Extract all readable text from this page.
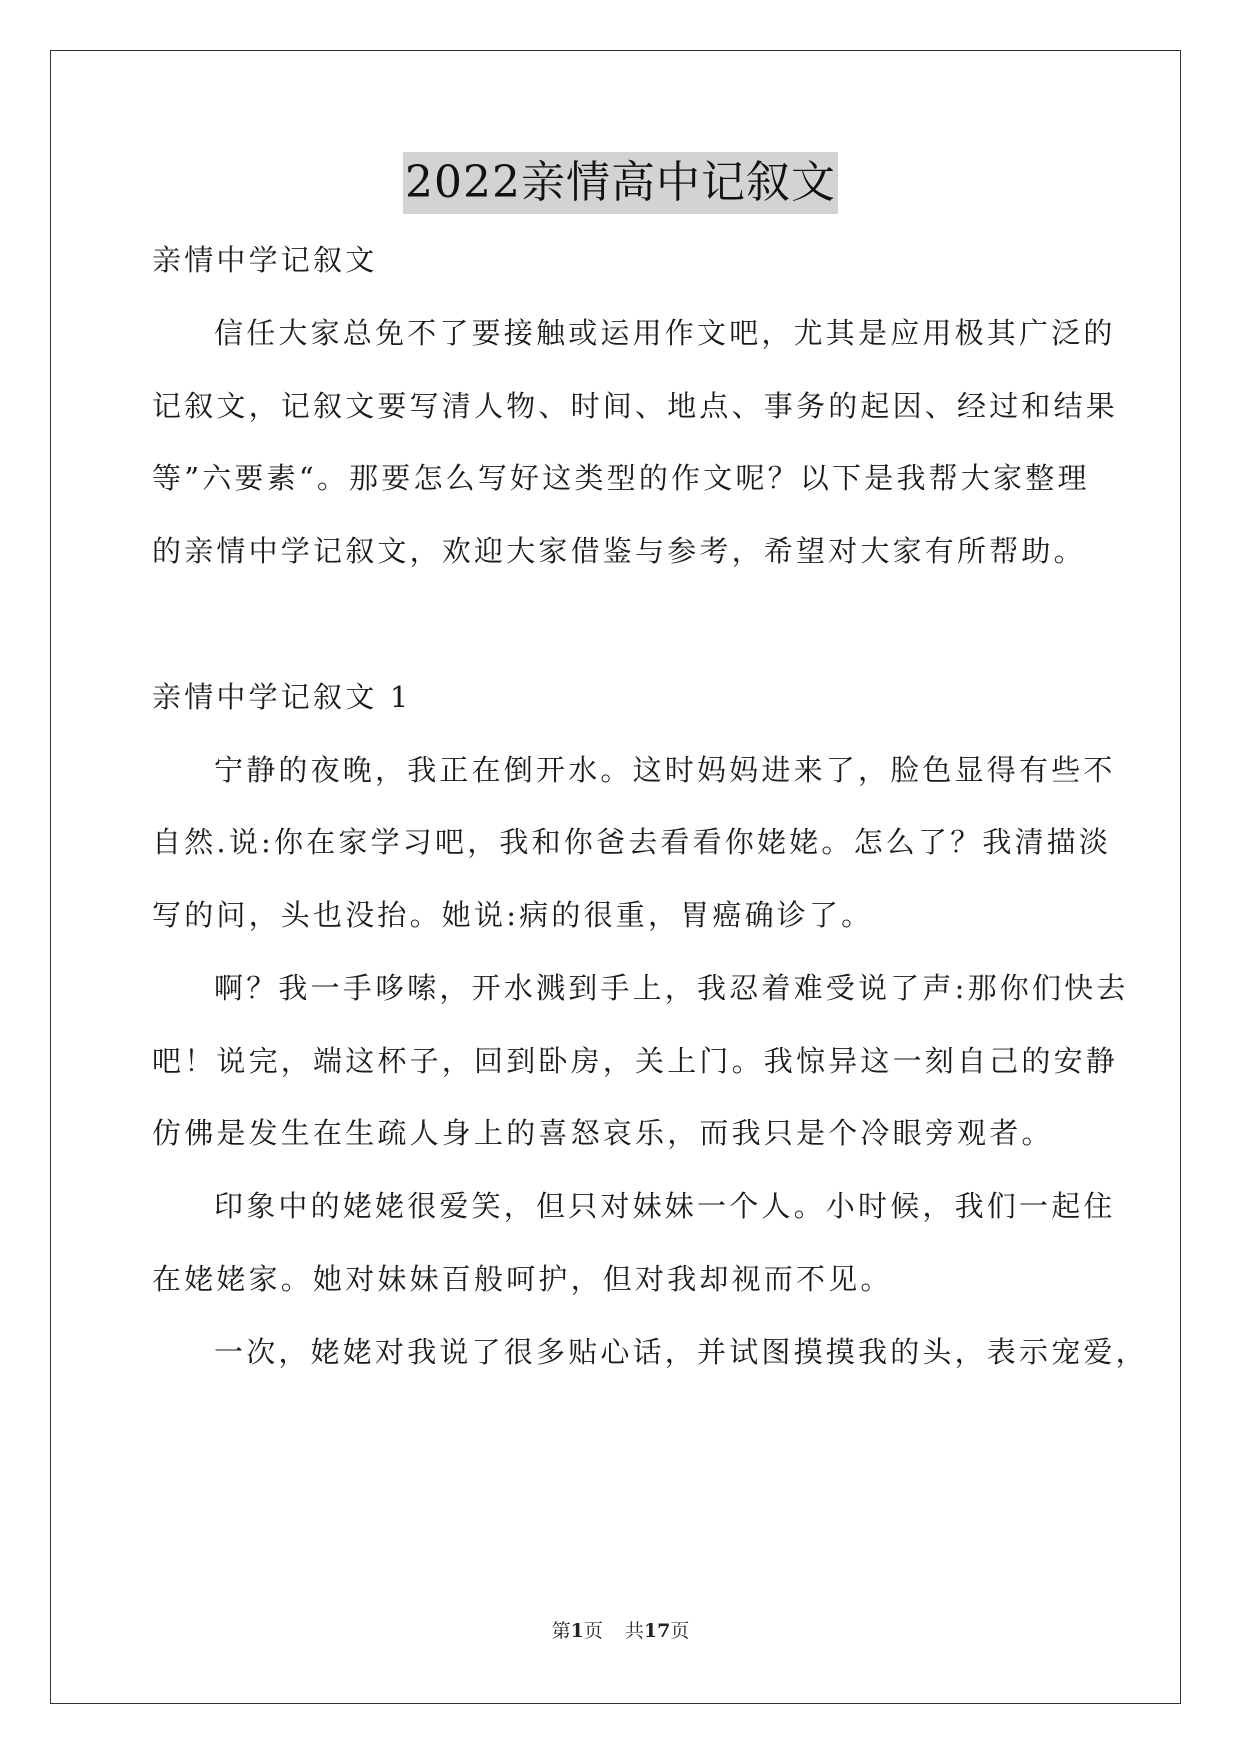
2022亲情高中记叙文
亲情中学记叙文
信任大家总免不了要接触或运用作文吧，尤其是应用极其广泛的
记叙文，记叙文要写清人物、时间、地点、事务的起因、经过和结果
等”六要素“。那要怎么写好这类型的作文呢？以下是我帮大家整理
的亲情中学记叙文，欢迎大家借鉴与参考，希望对大家有所帮助。
亲情中学记叙文 1
宁静的夜晚，我正在倒开水。这时妈妈进来了，脸色显得有些不
自然.说:你在家学习吧，我和你爸去看看你姥姥。怎么了？我清描淡
写的问，头也没抬。她说:病的很重，胃癌确诊了。
啊？我一手哆嗦，开水溅到手上，我忍着难受说了声:那你们快去
吧！说完，端这杯子，回到卧房，关上门。我惊异这一刻自己的安静
仿佛是发生在生疏人身上的喜怒哀乐，而我只是个冷眼旁观者。
印象中的姥姥很爱笑，但只对妹妹一个人。小时候，我们一起住
在姥姥家。她对妹妹百般呵护，但对我却视而不见。
一次，姥姥对我说了很多贴心话，并试图摸摸我的头，表示宠爱，
第1页 共17页
